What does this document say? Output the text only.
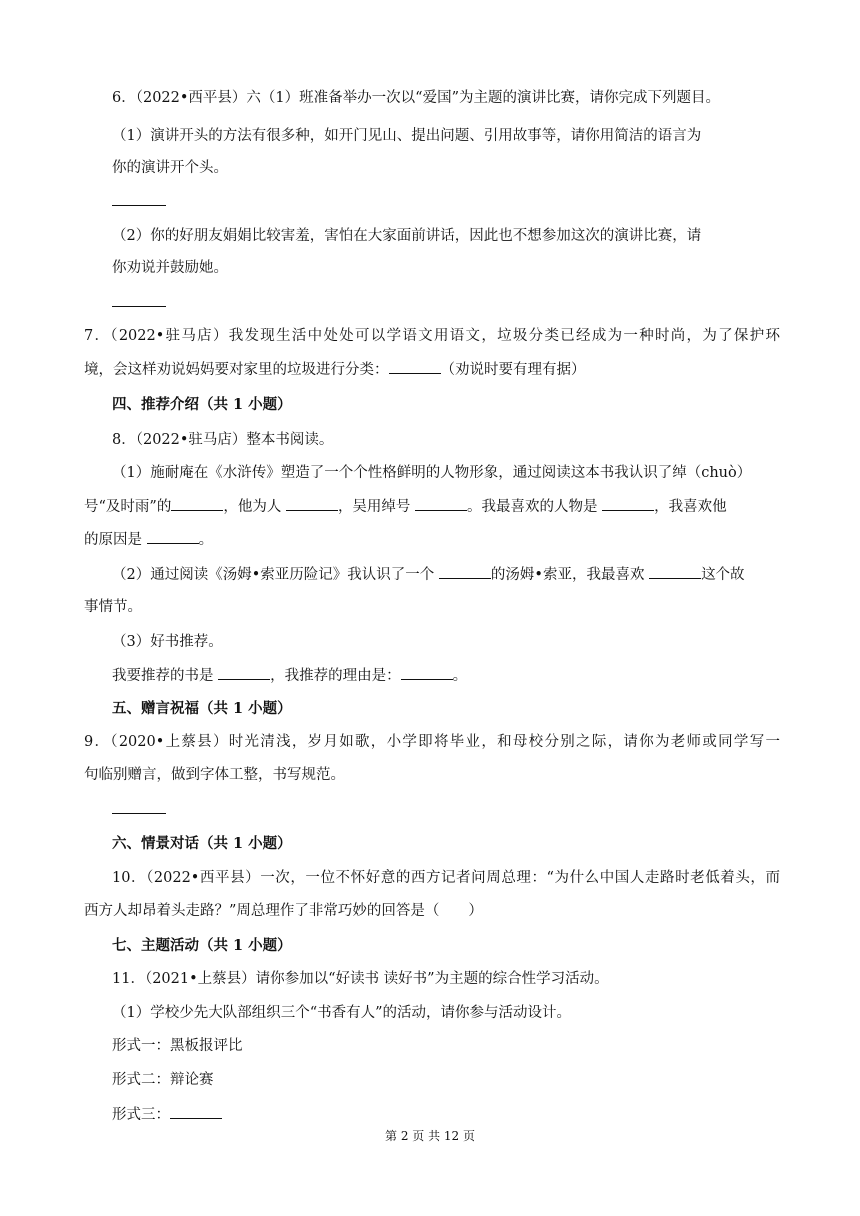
6．（2022•西平县）六（1）班准备举办一次以“爱国”为主题的演讲比赛，请你完成下列题目。
（1）演讲开头的方法有很多种，如开门见山、提出问题、引用故事等，请你用简洁的语言为
你的演讲开个头。
（2）你的好朋友娟娟比较害羞，害怕在大家面前讲话，因此也不想参加这次的演讲比赛，请
你劝说并鼓励她。
7．（2022•驻马店）我发现生活中处处可以学语文用语文，垃圾分类已经成为一种时尚，为了保护环
境，会这样劝说妈妈要对家里的垃圾进行分类：	（劝说时要有理有据）
四、推荐介绍（共 1 小题）
8．（2022•驻马店）整本书阅读。
（1）施耐庵在《水浒传》塑造了一个个性格鲜明的人物形象，通过阅读这本书我认识了绰（chuò）
号“及时雨”的	，他为人	，吴用绰号	。我最喜欢的人物是	，我喜欢他
的原因是	。
（2）通过阅读《汤姆•索亚历险记》我认识了一个	的汤姆•索亚，我最喜欢	这个故
事情节。
（3）好书推荐。
我要推荐的书是	，我推荐的理由是：	。
五、赠言祝福（共 1 小题）
9．（2020•上蔡县）时光清浅，岁月如歌，小学即将毕业，和母校分别之际，请你为老师或同学写一
句临别赠言，做到字体工整，书写规范。
六、情景对话（共 1 小题）
10．（2022•西平县）一次，一位不怀好意的西方记者问周总理：“为什么中国人走路时老低着头，而
西方人却昂着头走路？”周总理作了非常巧妙的回答是（　　）
七、主题活动（共 1 小题）
11．（2021•上蔡县）请你参加以“好读书 读好书”为主题的综合性学习活动。
（1）学校少先大队部组织三个“书香有人”的活动，请你参与活动设计。
形式一：黑板报评比
形式二：辩论赛
形式三：
第 2 页 共 12 页
